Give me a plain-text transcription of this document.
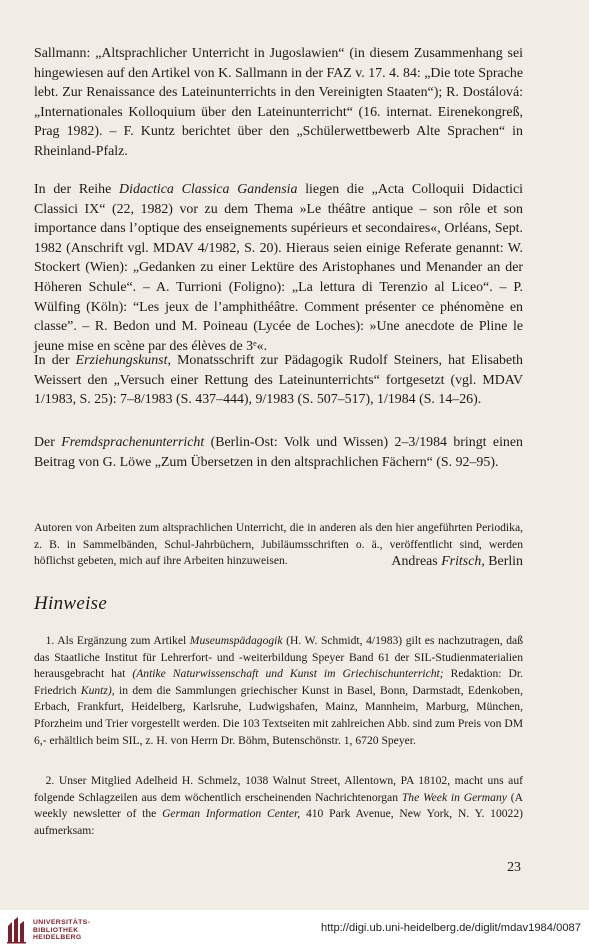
Sallmann: „Altsprachlicher Unterricht in Jugoslawien“ (in diesem Zusammenhang sei hingewiesen auf den Artikel von K. Sallmann in der FAZ v. 17. 4. 84: „Die tote Sprache lebt. Zur Renaissance des Lateinunterrichts in den Vereinigten Staaten“); R. Dostálová: „Internationales Kolloquium über den Lateinunterricht“ (16. internat. Eirenekongreß, Prag 1982). – F. Kuntz berichtet über den „Schülerwettbewerb Alte Sprachen“ in Rheinland-Pfalz.
In der Reihe Didactica Classica Gandensia liegen die „Acta Colloquii Didactici Classici IX“ (22, 1982) vor zu dem Thema »Le théâtre antique – son rôle et son importance dans l’optique des enseignements supérieurs et secondaires«, Orléans, Sept. 1982 (Anschrift vgl. MDAV 4/1982, S. 20). Hieraus seien einige Referate genannt: W. Stockert (Wien): „Gedanken zu einer Lektüre des Aristophanes und Menander an der Höheren Schule“. – A. Turrioni (Foligno): „La lettura di Terenzio al Liceo“. – P. Wülfing (Köln): “Les jeux de l’amphithéâtre. Comment présenter ce phénomène en classe”. – R. Bedon und M. Poineau (Lycée de Loches): »Une anecdote de Pline le jeune mise en scène par des élèves de 3ᵉ«.
In der Erziehungskunst, Monatsschrift zur Pädagogik Rudolf Steiners, hat Elisabeth Weissert den „Versuch einer Rettung des Lateinunterrichts“ fortgesetzt (vgl. MDAV 1/1983, S. 25): 7–8/1983 (S. 437–444), 9/1983 (S. 507–517), 1/1984 (S. 14–26).
Der Fremdsprachenunterricht (Berlin-Ost: Volk und Wissen) 2–3/1984 bringt einen Beitrag von G. Löwe „Zum Übersetzen in den altsprachlichen Fächern“ (S. 92–95).
Autoren von Arbeiten zum altsprachlichen Unterricht, die in anderen als den hier angeführten Periodika, z. B. in Sammelbänden, Schul-Jahrbüchern, Jubiläumsschriften o. ä., veröffentlicht sind, werden höflichst gebeten, mich auf ihre Arbeiten hinzuweisen.	Andreas Fritsch, Berlin
Hinweise
 1. Als Ergänzung zum Artikel Museumspädagogik (H. W. Schmidt, 4/1983) gilt es nachzutragen, daß das Staatliche Institut für Lehrerfort- und -weiterbildung Speyer Band 61 der SIL-Studienmaterialien herausgebracht hat (Antike Naturwissenschaft und Kunst im Griechischunterricht; Redaktion: Dr. Friedrich Kuntz), in dem die Sammlungen griechischer Kunst in Basel, Bonn, Darmstadt, Edenkoben, Erbach, Frankfurt, Heidelberg, Karlsruhe, Ludwigshafen, Mainz, Mannheim, Marburg, München, Pforzheim und Trier vorgestellt werden. Die 103 Textseiten mit zahlreichen Abb. sind zum Preis von DM 6,- erhältlich beim SIL, z. H. von Herrn Dr. Böhm, Butenschönstr. 1, 6720 Speyer.
 2. Unser Mitglied Adelheid H. Schmelz, 1038 Walnut Street, Allentown, PA 18102, macht uns auf folgende Schlagzeilen aus dem wöchentlich erscheinenden Nachrichtenorgan The Week in Germany (A weekly newsletter of the German Information Center, 410 Park Avenue, New York, N. Y. 10022) aufmerksam:
23
UNIVERSITÄTS-
BIBLIOTHEK
HEIDELBERG
http://digi.ub.uni-heidelberg.de/diglit/mdav1984/0087
